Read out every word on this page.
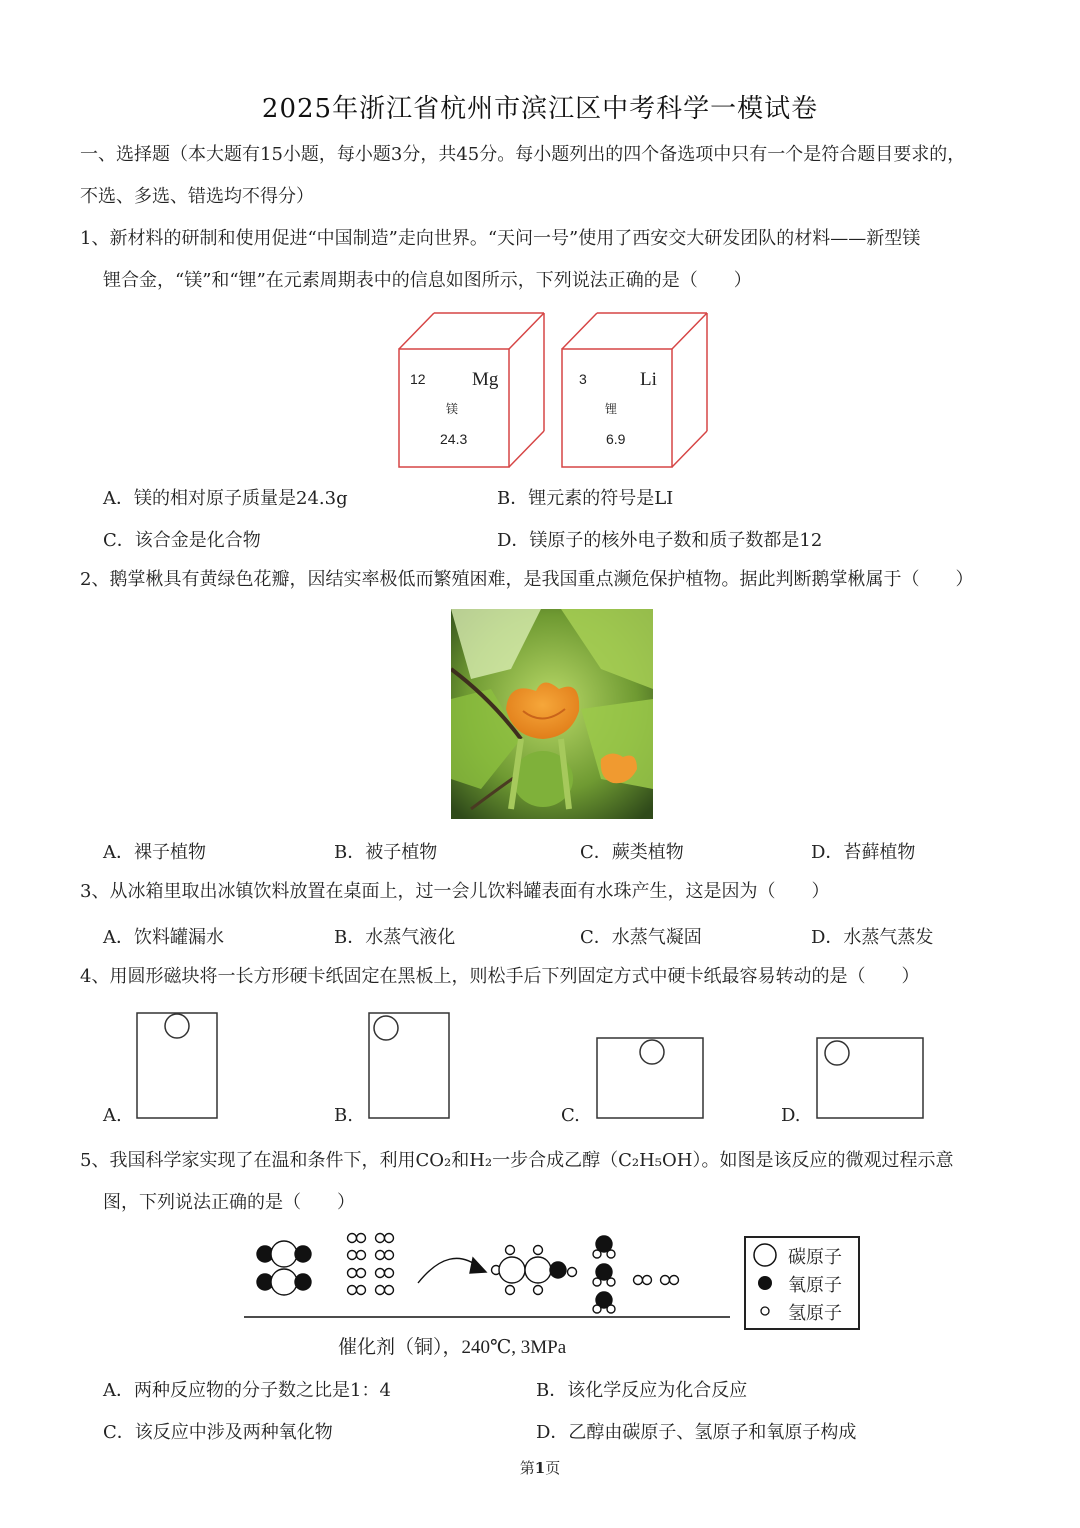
2025年浙江省杭州市滨江区中考科学一模试卷
一、选择题（本大题有15小题，每小题3分，共45分。每小题列出的四个备选项中只有一个是符合题目要求的，
不选、多选、错选均不得分）
1、新材料的研制和使用促进“中国制造”走向世界。“天问一号”使用了西安交大研发团队的材料——新型镁
锂合金，“镁”和“锂”在元素周期表中的信息如图所示，下列说法正确的是（　　）
12 Mg
镁
24.3
3	Li
锂
6.9
A．镁的相对原子质量是24.3g	B．锂元素的符号是LI
C．该合金是化合物	D．镁原子的核外电子数和质子数都是12
2、鹅掌楸具有黄绿色花瓣，因结实率极低而繁殖困难，是我国重点濒危保护植物。据此判断鹅掌楸属于（　　）
A．裸子植物	B．被子植物	C．蕨类植物	D．苔藓植物
3、从冰箱里取出冰镇饮料放置在桌面上，过一会儿饮料罐表面有水珠产生，这是因为（　　）
A．饮料罐漏水	B．水蒸气液化	C．水蒸气凝固	D．水蒸气蒸发
4、用圆形磁块将一长方形硬卡纸固定在黑板上，则松手后下列固定方式中硬卡纸最容易转动的是（　　）
A.	B.	C.	D.
5、我国科学家实现了在温和条件下，利用CO₂和H₂一步合成乙醇（C₂H₅OH）。如图是该反应的微观过程示意
图，下列说法正确的是（　　）
催化剂（铜），240℃, 3MPa
碳原子
氧原子
氢原子
A．两种反应物的分子数之比是1：4	B．该化学反应为化合反应
C．该反应中涉及两种氧化物	D．乙醇由碳原子、氢原子和氧原子构成
第1页
